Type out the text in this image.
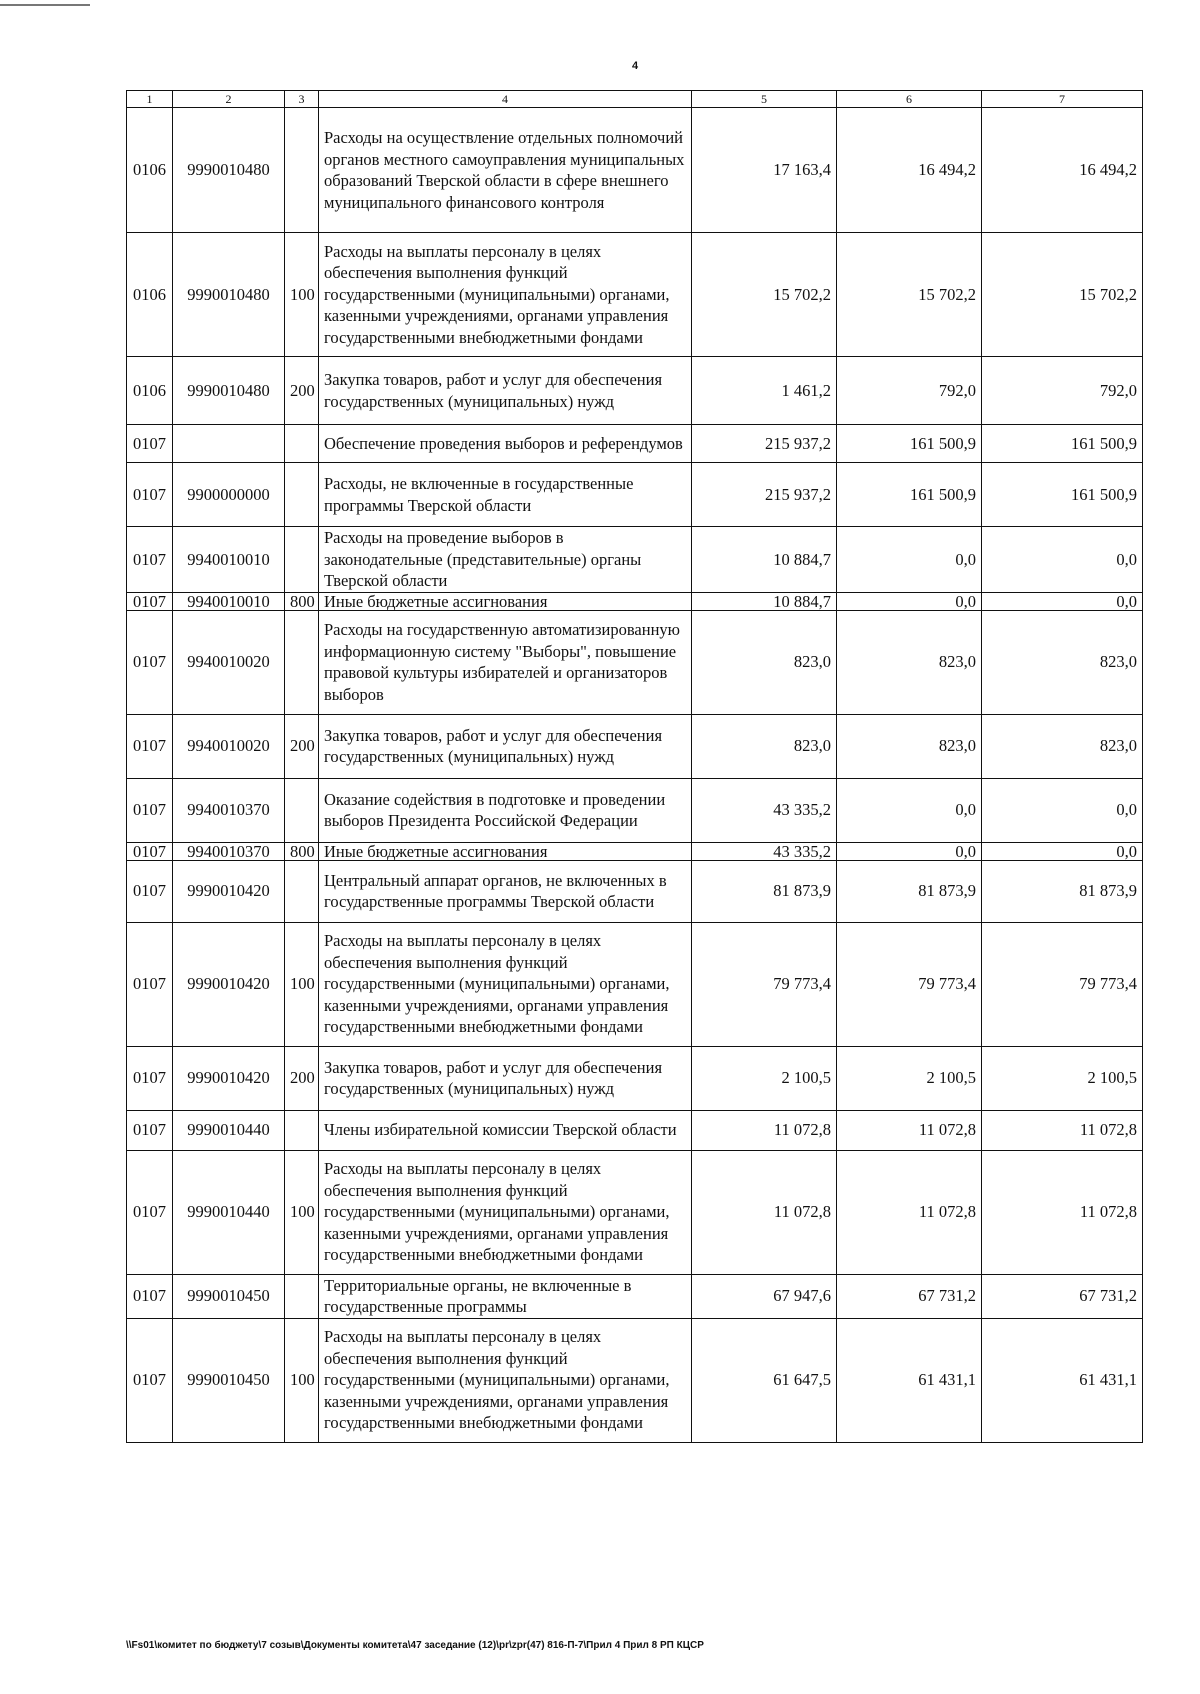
4
1	2	3	4	5	6	7
0106	9990010480		Расходы на осуществление отдельных полномочий органов местного самоуправления муниципальных образований Тверской области в сфере внешнего муниципального финансового контроля	17 163,4	16 494,2	16 494,2
0106	9990010480	100	Расходы на выплаты персоналу в целях обеспечения выполнения функций государственными (муниципальными) органами, казенными учреждениями, органами управления государственными внебюджетными фондами	15 702,2	15 702,2	15 702,2
0106	9990010480	200	Закупка товаров, работ и услуг для обеспечения государственных (муниципальных) нужд	1 461,2	792,0	792,0
0107			Обеспечение проведения выборов и референдумов	215 937,2	161 500,9	161 500,9
0107	9900000000		Расходы, не включенные в государственные программы Тверской области	215 937,2	161 500,9	161 500,9
0107	9940010010		Расходы на проведение выборов в законодательные (представительные) органы Тверской области	10 884,7	0,0	0,0
0107	9940010010	800	Иные бюджетные ассигнования	10 884,7	0,0	0,0
0107	9940010020		Расходы на государственную автоматизированную информационную систему "Выборы", повышение правовой культуры избирателей и организаторов выборов	823,0	823,0	823,0
0107	9940010020	200	Закупка товаров, работ и услуг для обеспечения государственных (муниципальных) нужд	823,0	823,0	823,0
0107	9940010370		Оказание содействия в подготовке и проведении выборов Президента Российской Федерации	43 335,2	0,0	0,0
0107	9940010370	800	Иные бюджетные ассигнования	43 335,2	0,0	0,0
0107	9990010420		Центральный аппарат органов, не включенных в государственные программы Тверской области	81 873,9	81 873,9	81 873,9
0107	9990010420	100	Расходы на выплаты персоналу в целях обеспечения выполнения функций государственными (муниципальными) органами, казенными учреждениями, органами управления государственными внебюджетными фондами	79 773,4	79 773,4	79 773,4
0107	9990010420	200	Закупка товаров, работ и услуг для обеспечения государственных (муниципальных) нужд	2 100,5	2 100,5	2 100,5
0107	9990010440		Члены избирательной комиссии Тверской области	11 072,8	11 072,8	11 072,8
0107	9990010440	100	Расходы на выплаты персоналу в целях обеспечения выполнения функций государственными (муниципальными) органами, казенными учреждениями, органами управления государственными внебюджетными фондами	11 072,8	11 072,8	11 072,8
0107	9990010450		Территориальные органы, не включенные в государственные программы	67 947,6	67 731,2	67 731,2
0107	9990010450	100	Расходы на выплаты персоналу в целях обеспечения выполнения функций государственными (муниципальными) органами, казенными учреждениями, органами управления государственными внебюджетными фондами	61 647,5	61 431,1	61 431,1
\\Fs01\комитет по бюджету\7 созыв\Документы комитета\47 заседание (12)\pr\zpr(47) 816-П-7\Прил 4 Прил 8 РП КЦСР
